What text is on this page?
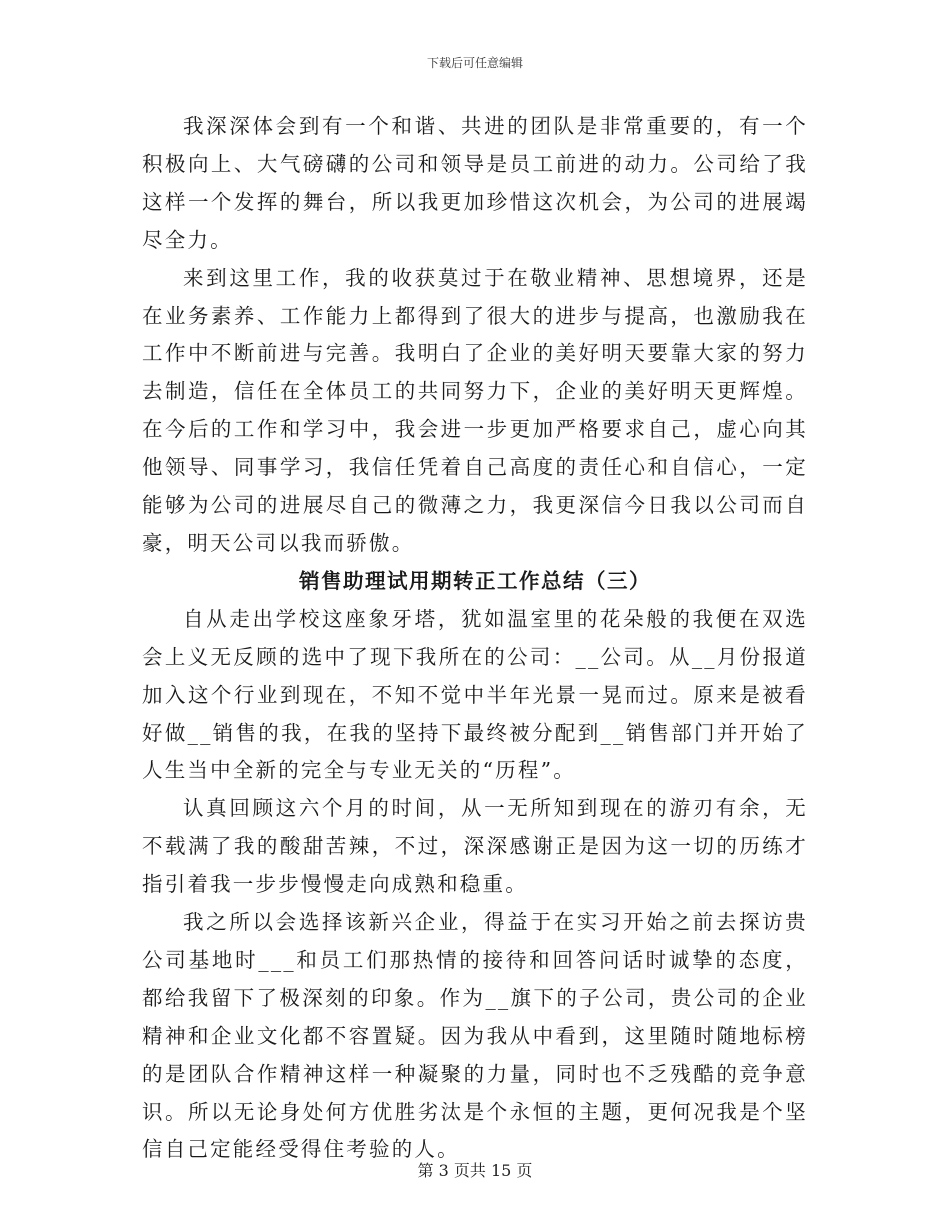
下载后可任意编辑

我深深体会到有一个和谐、共进的团队是非常重要的，有一个积极向上、大气磅礴的公司和领导是员工前进的动力。公司给了我这样一个发挥的舞台，所以我更加珍惜这次机会，为公司的进展竭尽全力。

来到这里工作，我的收获莫过于在敬业精神、思想境界，还是在业务素养、工作能力上都得到了很大的进步与提高，也激励我在工作中不断前进与完善。我明白了企业的美好明天要靠大家的努力去制造，信任在全体员工的共同努力下，企业的美好明天更辉煌。在今后的工作和学习中，我会进一步更加严格要求自己，虚心向其他领导、同事学习，我信任凭着自己高度的责任心和自信心，一定能够为公司的进展尽自己的微薄之力，我更深信今日我以公司而自豪，明天公司以我而骄傲。

销售助理试用期转正工作总结（三）

自从走出学校这座象牙塔，犹如温室里的花朵般的我便在双选会上义无反顾的选中了现下我所在的公司：__公司。从__月份报道加入这个行业到现在，不知不觉中半年光景一晃而过。原来是被看好做__销售的我，在我的坚持下最终被分配到__销售部门并开始了人生当中全新的完全与专业无关的“历程”。

认真回顾这六个月的时间，从一无所知到现在的游刃有余，无不载满了我的酸甜苦辣，不过，深深感谢正是因为这一切的历练才指引着我一步步慢慢走向成熟和稳重。

我之所以会选择该新兴企业，得益于在实习开始之前去探访贵公司基地时___和员工们那热情的接待和回答问话时诚挚的态度，都给我留下了极深刻的印象。作为__旗下的子公司，贵公司的企业精神和企业文化都不容置疑。因为我从中看到，这里随时随地标榜的是团队合作精神这样一种凝聚的力量，同时也不乏残酷的竞争意识。所以无论身处何方优胜劣汰是个永恒的主题，更何况我是个坚信自己定能经受得住考验的人。

第 3 页共 15 页
